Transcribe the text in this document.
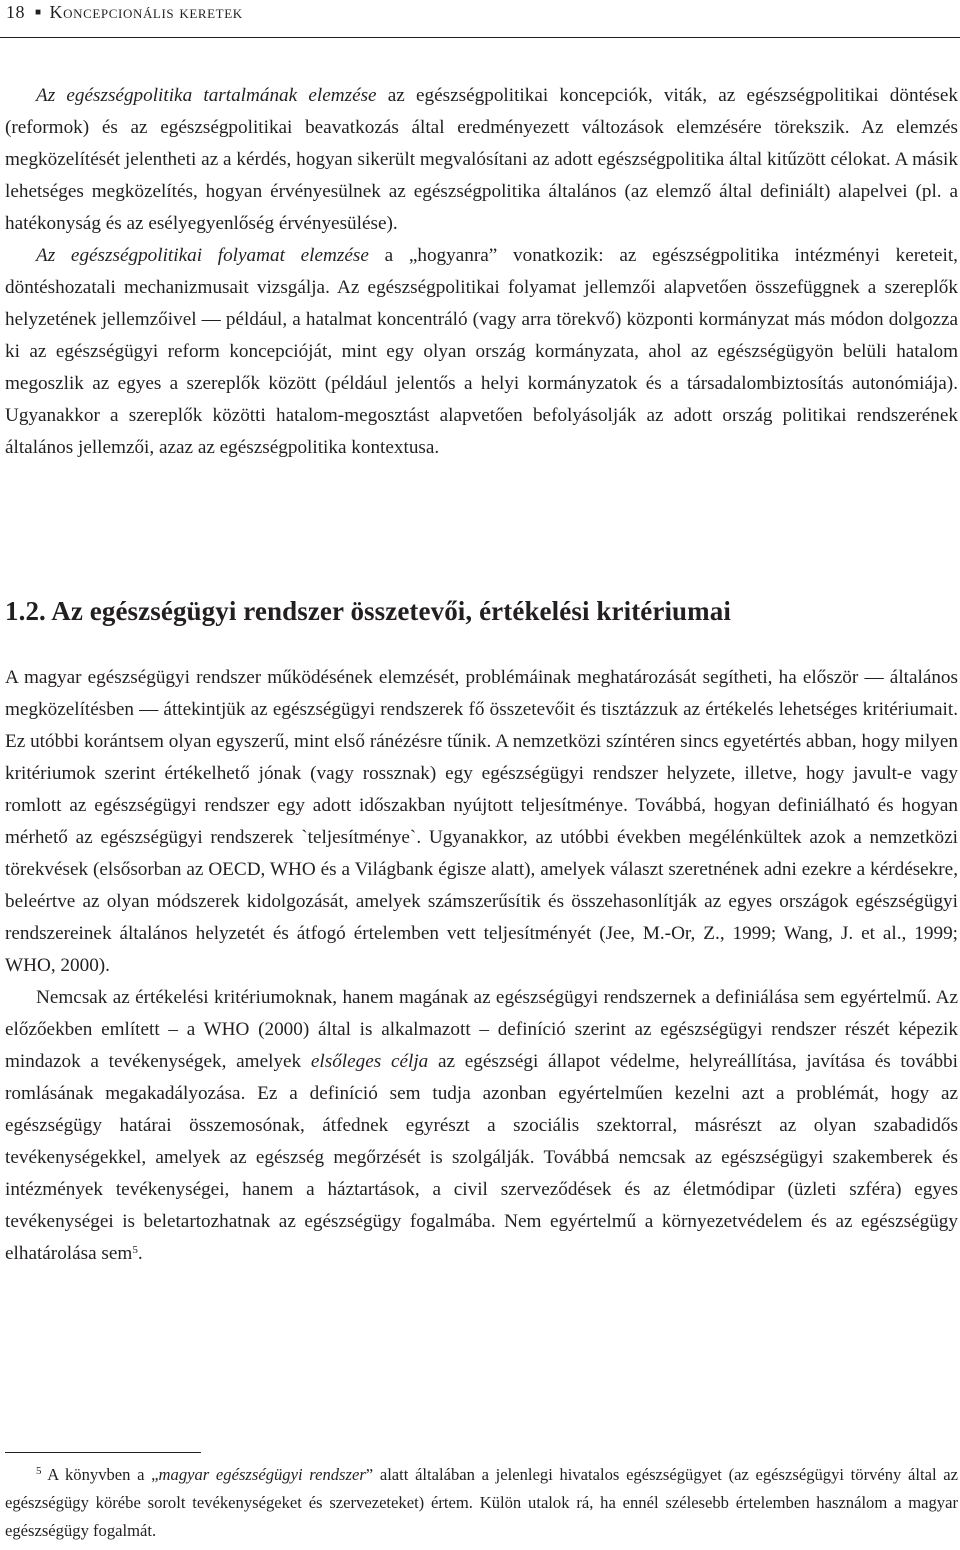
18 ■ Koncepcionális keretek

Az egészségpolitika tartalmának elemzése az egészségpolitikai koncepciók, viták, az egészségpolitikai döntések (reformok) és az egészségpolitikai beavatkozás által eredményezett változások elemzésére törekszik. Az elemzés megközelítését jelentheti az a kérdés, hogyan sikerült megvalósítani az adott egészségpolitika által kitűzött célokat. A másik lehetséges megközelítés, hogyan érvényesülnek az egészségpolitika általános (az elemző által definiált) alapelvei (pl. a hatékonyság és az esélyegyenlőség érvényesülése).

Az egészségpolitikai folyamat elemzése a „hogyanra” vonatkozik: az egészségpolitika intézményi kereteit, döntéshozatali mechanizmusait vizsgálja. Az egészségpolitikai folyamat jellemzői alapvetően összefüggnek a szereplők helyzetének jellemzőivel — például, a hatalmat koncentráló (vagy arra törekvő) központi kormányzat más módon dolgozza ki az egészségügyi reform koncepcióját, mint egy olyan ország kormányzata, ahol az egészségügyön belüli hatalom megoszlik az egyes a szereplők között (például jelentős a helyi kormányzatok és a társadalombiztosítás autonómiája). Ugyanakkor a szereplők közötti hatalom-megosztást alapvetően befolyásolják az adott ország politikai rendszerének általános jellemzői, azaz az egészségpolitika kontextusa.

1.2. Az egészségügyi rendszer összetevői, értékelési kritériumai

A magyar egészségügyi rendszer működésének elemzését, problémáinak meghatározását segítheti, ha először — általános megközelítésben — áttekintjük az egészségügyi rendszerek fő összetevőit és tisztázzuk az értékelés lehetséges kritériumait. Ez utóbbi korántsem olyan egyszerű, mint első ránézésre tűnik. A nemzetközi színtéren sincs egyetértés abban, hogy milyen kritériumok szerint értékelhető jónak (vagy rossznak) egy egészségügyi rendszer helyzete, illetve, hogy javult-e vagy romlott az egészségügyi rendszer egy adott időszakban nyújtott teljesítménye. Továbbá, hogyan definiálható és hogyan mérhető az egészségügyi rendszerek `teljesítménye`. Ugyanakkor, az utóbbi években megélénkültek azok a nemzetközi törekvések (elsősorban az OECD, WHO és a Világbank égisze alatt), amelyek választ szeretnének adni ezekre a kérdésekre, beleértve az olyan módszerek kidolgozását, amelyek számszerűsítik és összehasonlítják az egyes országok egészségügyi rendszereinek általános helyzetét és átfogó értelemben vett teljesítményét (Jee, M.-Or, Z., 1999; Wang, J. et al., 1999; WHO, 2000).

Nemcsak az értékelési kritériumoknak, hanem magának az egészségügyi rendszernek a definiálása sem egyértelmű. Az előzőekben említett – a WHO (2000) által is alkalmazott – definíció szerint az egészségügyi rendszer részét képezik mindazok a tevékenységek, amelyek elsőleges célja az egészségi állapot védelme, helyreállítása, javítása és további romlásának megakadályozása. Ez a definíció sem tudja azonban egyértelműen kezelni azt a problémát, hogy az egészségügy határai összemosónak, átfednek egyrészt a szociális szektorral, másrészt az olyan szabadidős tevékenységekkel, amelyek az egészség megőrzését is szolgálják. Továbbá nemcsak az egészségügyi szakemberek és intézmények tevékenységei, hanem a háztartások, a civil szerveződések és az életmódipar (üzleti szféra) egyes tevékenységei is beletartozhatnak az egészségügy fogalmába. Nem egyértelmű a környezetvédelem és az egészségügy elhatárolása sem$^5$.

$^5$ A könyvben a „magyar egészségügyi rendszer” alatt általában a jelenlegi hivatalos egészségügyet (az egészségügyi törvény által az egészségügy körébe sorolt tevékenységeket és szervezeteket) értem. Külön utalok rá, ha ennél szélesebb értelemben használom a magyar egészségügy fogalmát.
